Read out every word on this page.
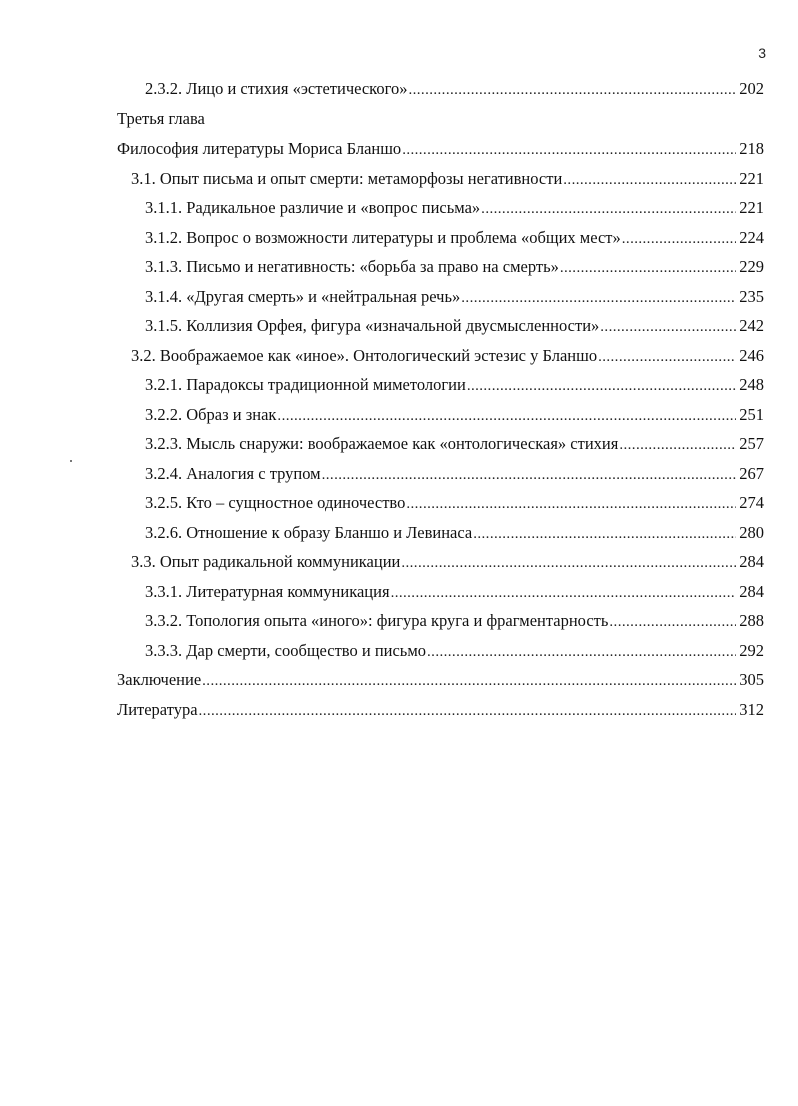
3
2.3.2. Лицо и стихия «эстетического» .....	202
Третья глава
Философия литературы Мориса Бланшо .....	218
3.1. Опыт письма и опыт смерти: метаморфозы негативности .....	221
3.1.1. Радикальное различие и «вопрос письма» .....	221
3.1.2. Вопрос о возможности литературы и проблема «общих мест» .....	224
3.1.3. Письмо и негативность: «борьба за право на смерть» .....	229
3.1.4. «Другая смерть» и «нейтральная речь» .....	235
3.1.5. Коллизия Орфея, фигура «изначальной двусмысленности» .....	242
3.2. Воображаемое как «иное». Онтологический эстезис у Бланшо .....	246
3.2.1. Парадоксы традиционной миметологии .....	248
3.2.2. Образ и знак .....	251
3.2.3. Мысль снаружи: воображаемое как «онтологическая» стихия .....	257
3.2.4. Аналогия с трупом .....	267
3.2.5. Кто – сущностное одиночество .....	274
3.2.6. Отношение к образу Бланшо и Левинаса .....	280
3.3. Опыт радикальной коммуникации .....	284
3.3.1. Литературная коммуникация .....	284
3.3.2. Топология опыта «иного»: фигура круга и фрагментарность .....	288
3.3.3. Дар смерти, сообщество и письмо .....	292
Заключение .....	305
Литература .....	312
